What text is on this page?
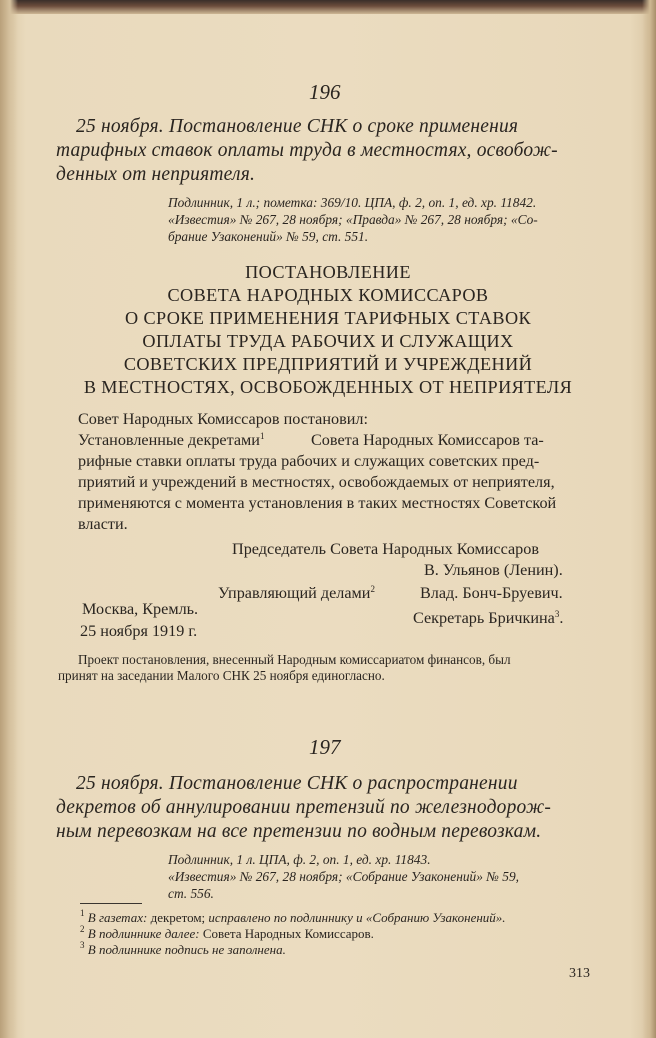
196
25 ноября. Постановление СНК о сроке применения
тарифных ставок оплаты труда в местностях, освобож-
денных от неприятеля.
Подлинник, 1 л.; пометка: 369/10. ЦПА, ф. 2, оп. 1, ед. хр. 11842.
«Известия» № 267, 28 ноября; «Правда» № 267, 28 ноября; «Со-
брание Узаконений» № 59, ст. 551.
ПОСТАНОВЛЕНИЕ
СОВЕТА НАРОДНЫХ КОМИССАРОВ
О СРОКЕ ПРИМЕНЕНИЯ ТАРИФНЫХ СТАВОК
ОПЛАТЫ ТРУДА РАБОЧИХ И СЛУЖАЩИХ
СОВЕТСКИХ ПРЕДПРИЯТИЙ И УЧРЕЖДЕНИЙ
В МЕСТНОСТЯХ, ОСВОБОЖДЕННЫХ ОТ НЕПРИЯТЕЛЯ
Совет Народных Комиссаров постановил:
Установленные декретами$^1$	Совета Народных Комиссаров та-
рифные ставки оплаты труда рабочих и служащих советских пред-
приятий и учреждений в местностях, освобождаемых от неприятеля,
применяются с момента установления в таких местностях Советской
власти.
Председатель Совета Народных Комиссаров
В. Ульянов (Ленин).
Управляющий делами$^2$	Влад. Бонч-Бруевич.
Секретарь Бричкина$^3$.
Москва, Кремль.
25 ноября 1919 г.
Проект постановления, внесенный Народным комиссариатом финансов, был
принят на заседании Малого СНК 25 ноября единогласно.
197
25 ноября. Постановление СНК о распространении
декретов об аннулировании претензий по железнодорож-
ным перевозкам на все претензии по водным перевозкам.
Подлинник, 1 л. ЦПА, ф. 2, оп. 1, ед. хр. 11843.
«Известия» № 267, 28 ноября; «Собрание Узаконений» № 59,
ст. 556.
$^1$ В газетах: декретом; исправлено по подлиннику и «Собранию Узаконений».
$^2$ В подлиннике далее: Совета Народных Комиссаров.
$^3$ В подлиннике подпись не заполнена.
313
